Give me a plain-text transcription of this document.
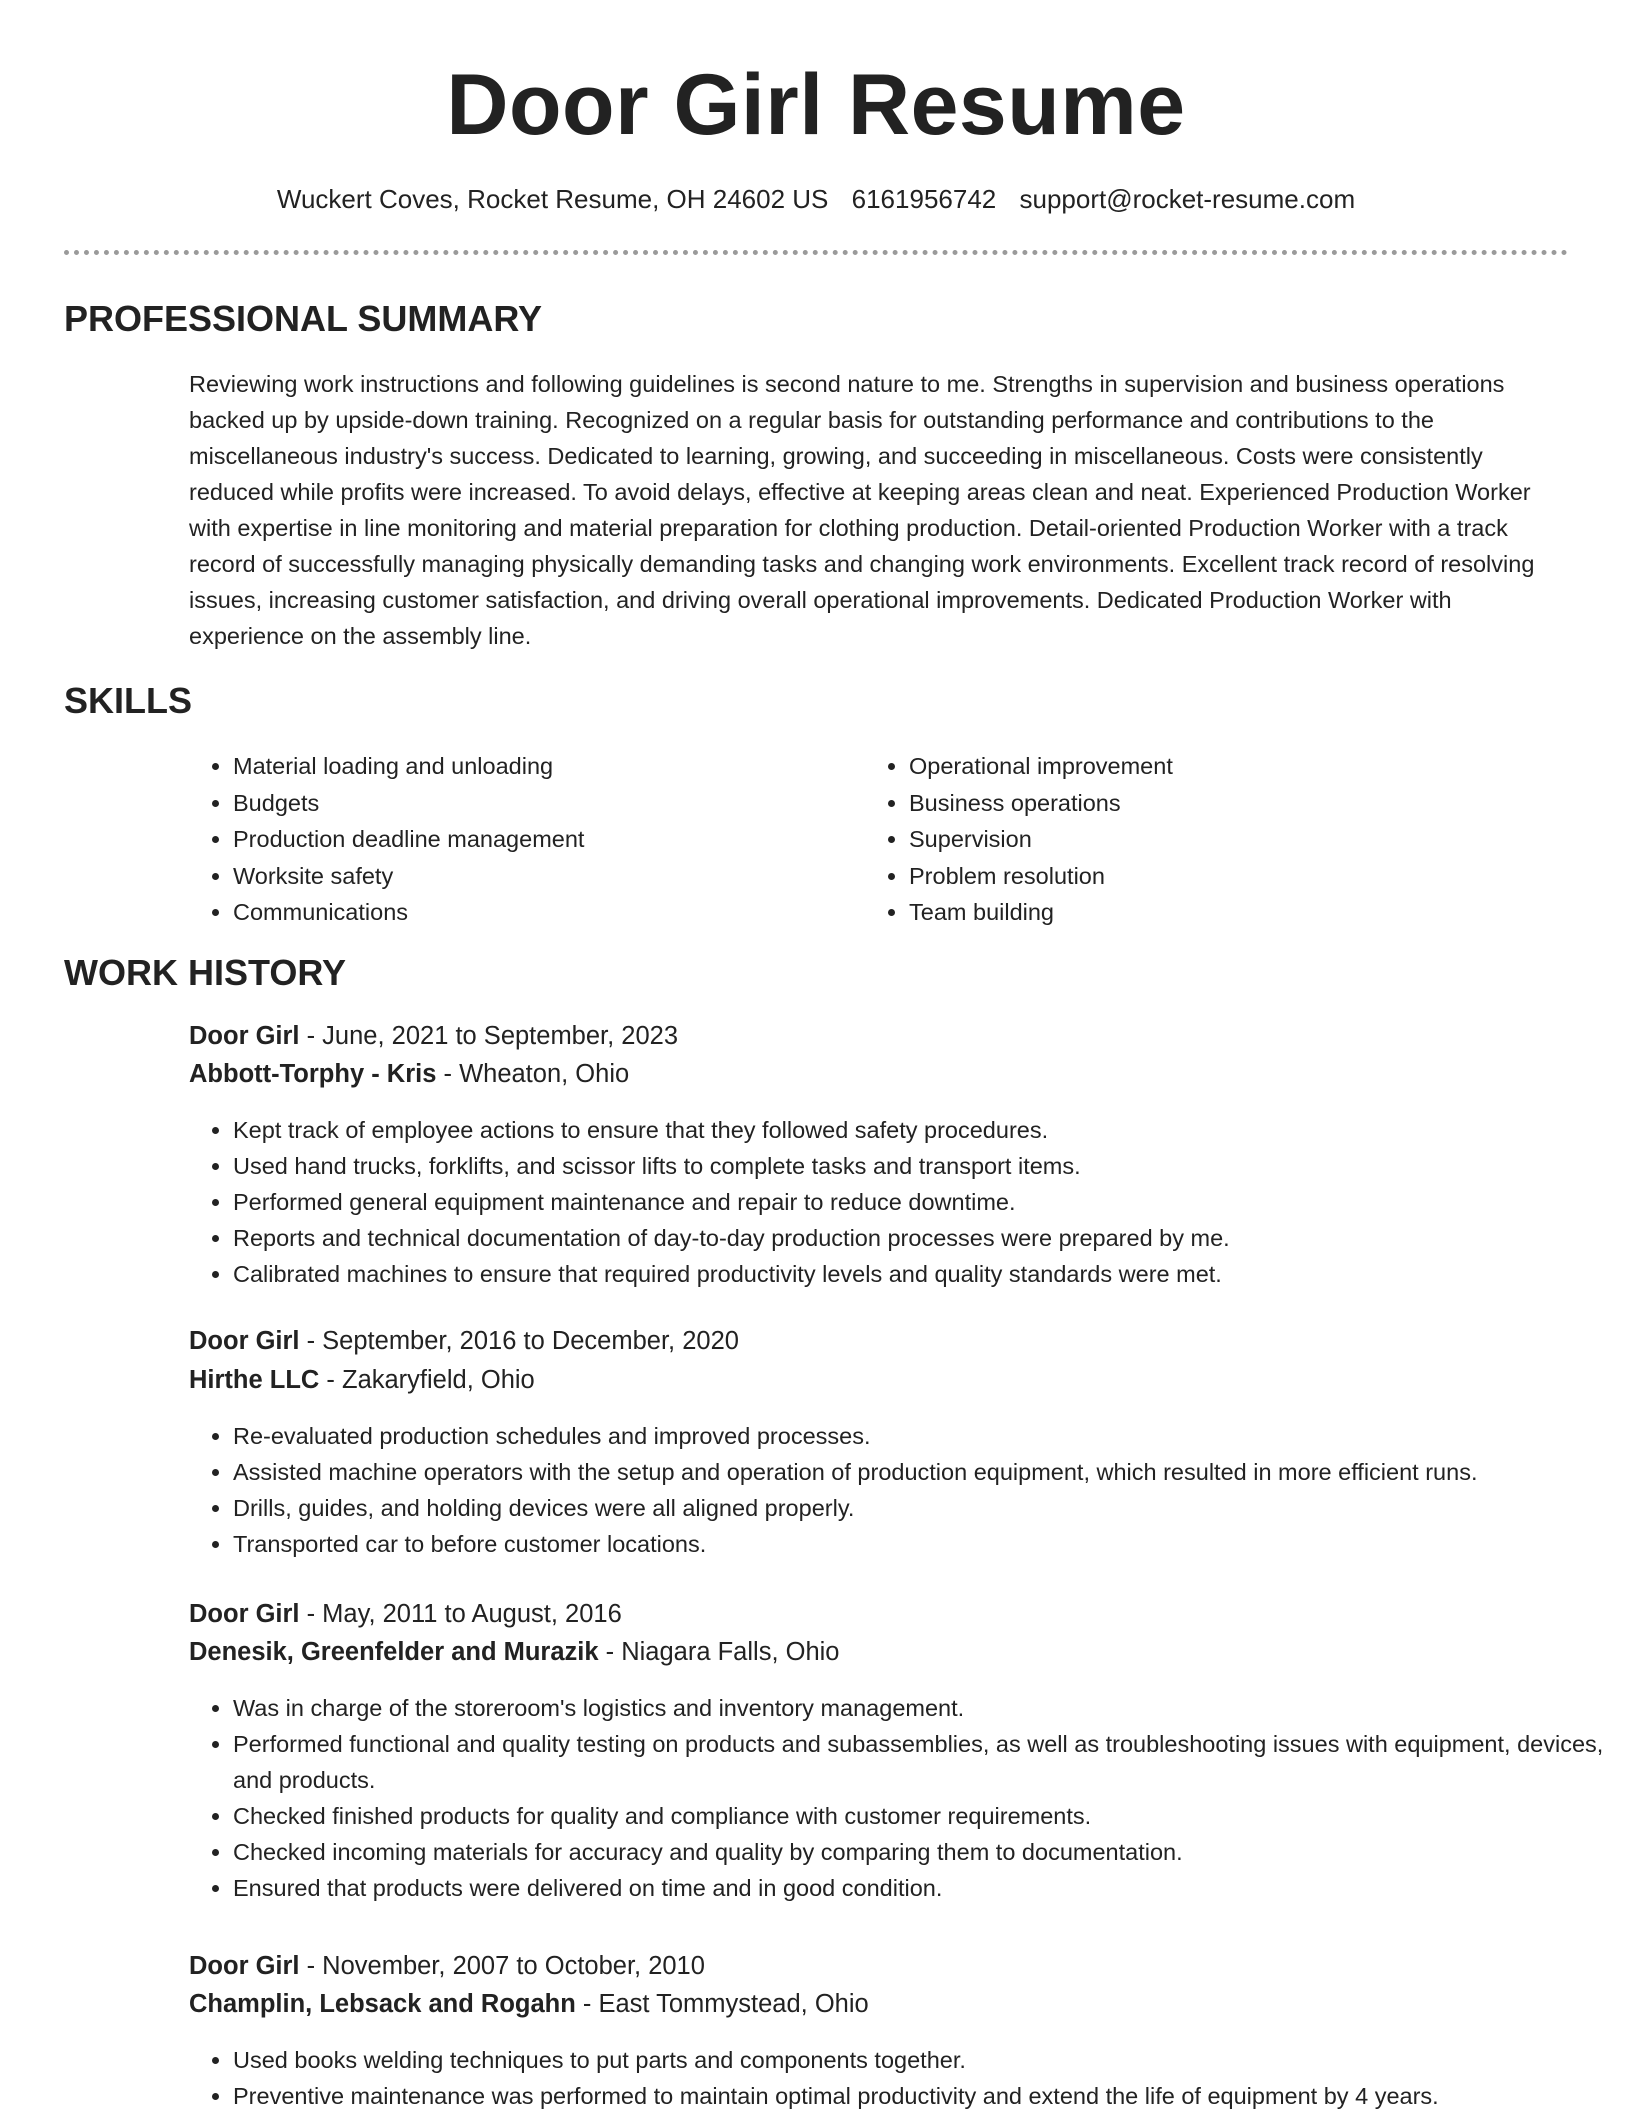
Door Girl Resume
Wuckert Coves, Rocket Resume, OH 24602 US 6161956742 support@rocket-resume.com
PROFESSIONAL SUMMARY

Reviewing work instructions and following guidelines is second nature to me. Strengths in supervision and business operations backed up by upside-down training. Recognized on a regular basis for outstanding performance and contributions to the miscellaneous industry's success. Dedicated to learning, growing, and succeeding in miscellaneous. Costs were consistently reduced while profits were increased. To avoid delays, effective at keeping areas clean and neat. Experienced Production Worker with expertise in line monitoring and material preparation for clothing production. Detail-oriented Production Worker with a track record of successfully managing physically demanding tasks and changing work environments. Excellent track record of resolving issues, increasing customer satisfaction, and driving overall operational improvements. Dedicated Production Worker with experience on the assembly line.

SKILLS
• Material loading and unloading
• Budgets
• Production deadline management
• Worksite safety
• Communications
• Operational improvement
• Business operations
• Supervision
• Problem resolution
• Team building
WORK HISTORY
Door Girl - June, 2021 to September, 2023
Abbott-Torphy - Kris - Wheaton, Ohio
• Kept track of employee actions to ensure that they followed safety procedures.
• Used hand trucks, forklifts, and scissor lifts to complete tasks and transport items.
• Performed general equipment maintenance and repair to reduce downtime.
• Reports and technical documentation of day-to-day production processes were prepared by me.
• Calibrated machines to ensure that required productivity levels and quality standards were met.
Door Girl - September, 2016 to December, 2020
Hirthe LLC - Zakaryfield, Ohio
• Re-evaluated production schedules and improved processes.
• Assisted machine operators with the setup and operation of production equipment, which resulted in more efficient runs.
• Drills, guides, and holding devices were all aligned properly.
• Transported car to before customer locations.
Door Girl - May, 2011 to August, 2016
Denesik, Greenfelder and Murazik - Niagara Falls, Ohio
• Was in charge of the storeroom's logistics and inventory management.
• Performed functional and quality testing on products and subassemblies, as well as troubleshooting issues with equipment, devices, and products.
• Checked finished products for quality and compliance with customer requirements.
• Checked incoming materials for accuracy and quality by comparing them to documentation.
• Ensured that products were delivered on time and in good condition.
Door Girl - November, 2007 to October, 2010
Champlin, Lebsack and Rogahn - East Tommystead, Ohio
• Used books welding techniques to put parts and components together.
• Preventive maintenance was performed to maintain optimal productivity and extend the life of equipment by 4 years.
